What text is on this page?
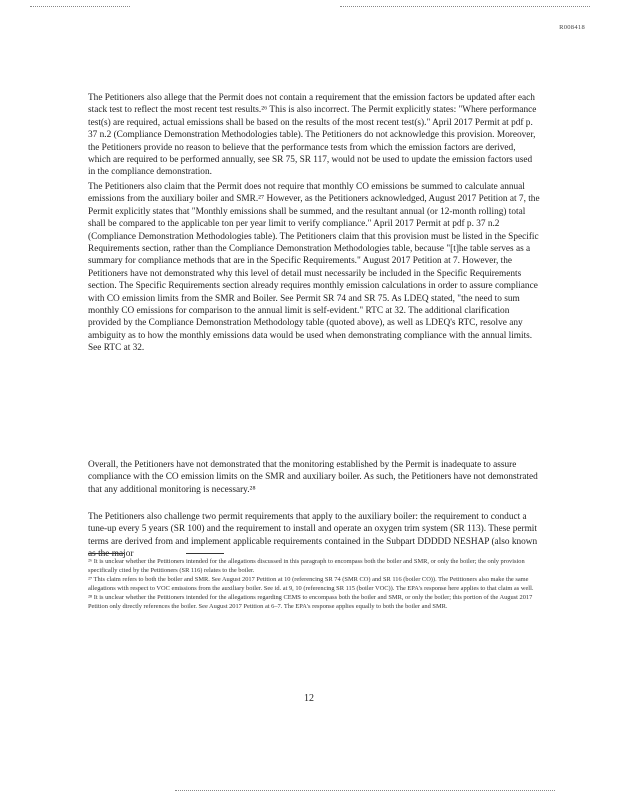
R008418

The Petitioners also allege that the Permit does not contain a requirement that the emission factors be updated after each stack test to reflect the most recent test results.²⁶ This is also incorrect. The Permit explicitly states: "Where performance test(s) are required, actual emissions shall be based on the results of the most recent test(s)." April 2017 Permit at pdf p. 37 n.2 (Compliance Demonstration Methodologies table). The Petitioners do not acknowledge this provision. Moreover, the Petitioners provide no reason to believe that the performance tests from which the emission factors are derived, which are required to be performed annually, see SR 75, SR 117, would not be used to update the emission factors used in the compliance demonstration.

The Petitioners also claim that the Permit does not require that monthly CO emissions be summed to calculate annual emissions from the auxiliary boiler and SMR.²⁷ However, as the Petitioners acknowledged, August 2017 Petition at 7, the Permit explicitly states that "Monthly emissions shall be summed, and the resultant annual (or 12-month rolling) total shall be compared to the applicable ton per year limit to verify compliance." April 2017 Permit at pdf p. 37 n.2 (Compliance Demonstration Methodologies table). The Petitioners claim that this provision must be listed in the Specific Requirements section, rather than the Compliance Demonstration Methodologies table, because "[t]he table serves as a summary for compliance methods that are in the Specific Requirements." August 2017 Petition at 7. However, the Petitioners have not demonstrated why this level of detail must necessarily be included in the Specific Requirements section. The Specific Requirements section already requires monthly emission calculations in order to assure compliance with CO emission limits from the SMR and Boiler. See Permit SR 74 and SR 75. As LDEQ stated, "the need to sum monthly CO emissions for comparison to the annual limit is self-evident." RTC at 32. The additional clarification provided by the Compliance Demonstration Methodology table (quoted above), as well as LDEQ's RTC, resolve any ambiguity as to how the monthly emissions data would be used when demonstrating compliance with the annual limits. See RTC at 32.

Overall, the Petitioners have not demonstrated that the monitoring established by the Permit is inadequate to assure compliance with the CO emission limits on the SMR and auxiliary boiler. As such, the Petitioners have not demonstrated that any additional monitoring is necessary.²⁸

The Petitioners also challenge two permit requirements that apply to the auxiliary boiler: the requirement to conduct a tune-up every 5 years (SR 100) and the requirement to install and operate an oxygen trim system (SR 113). These permit terms are derived from and implement applicable requirements contained in the Subpart DDDDD NESHAP (also known as the major

²⁶ It is unclear whether the Petitioners intended for the allegations discussed in this paragraph to encompass both the boiler and SMR, or only the boiler; the only provision specifically cited by the Petitioners (SR 116) relates to the boiler.

²⁷ This claim refers to both the boiler and SMR. See August 2017 Petition at 10 (referencing SR 74 (SMR CO) and SR 116 (boiler CO)). The Petitioners also make the same allegations with respect to VOC emissions from the auxiliary boiler. See id. at 9, 10 (referencing SR 115 (boiler VOC)). The EPA's response here applies to that claim as well.

²⁸ It is unclear whether the Petitioners intended for the allegations regarding CEMS to encompass both the boiler and SMR, or only the boiler; this portion of the August 2017 Petition only directly references the boiler. See August 2017 Petition at 6–7. The EPA's response applies equally to both the boiler and SMR.

12
